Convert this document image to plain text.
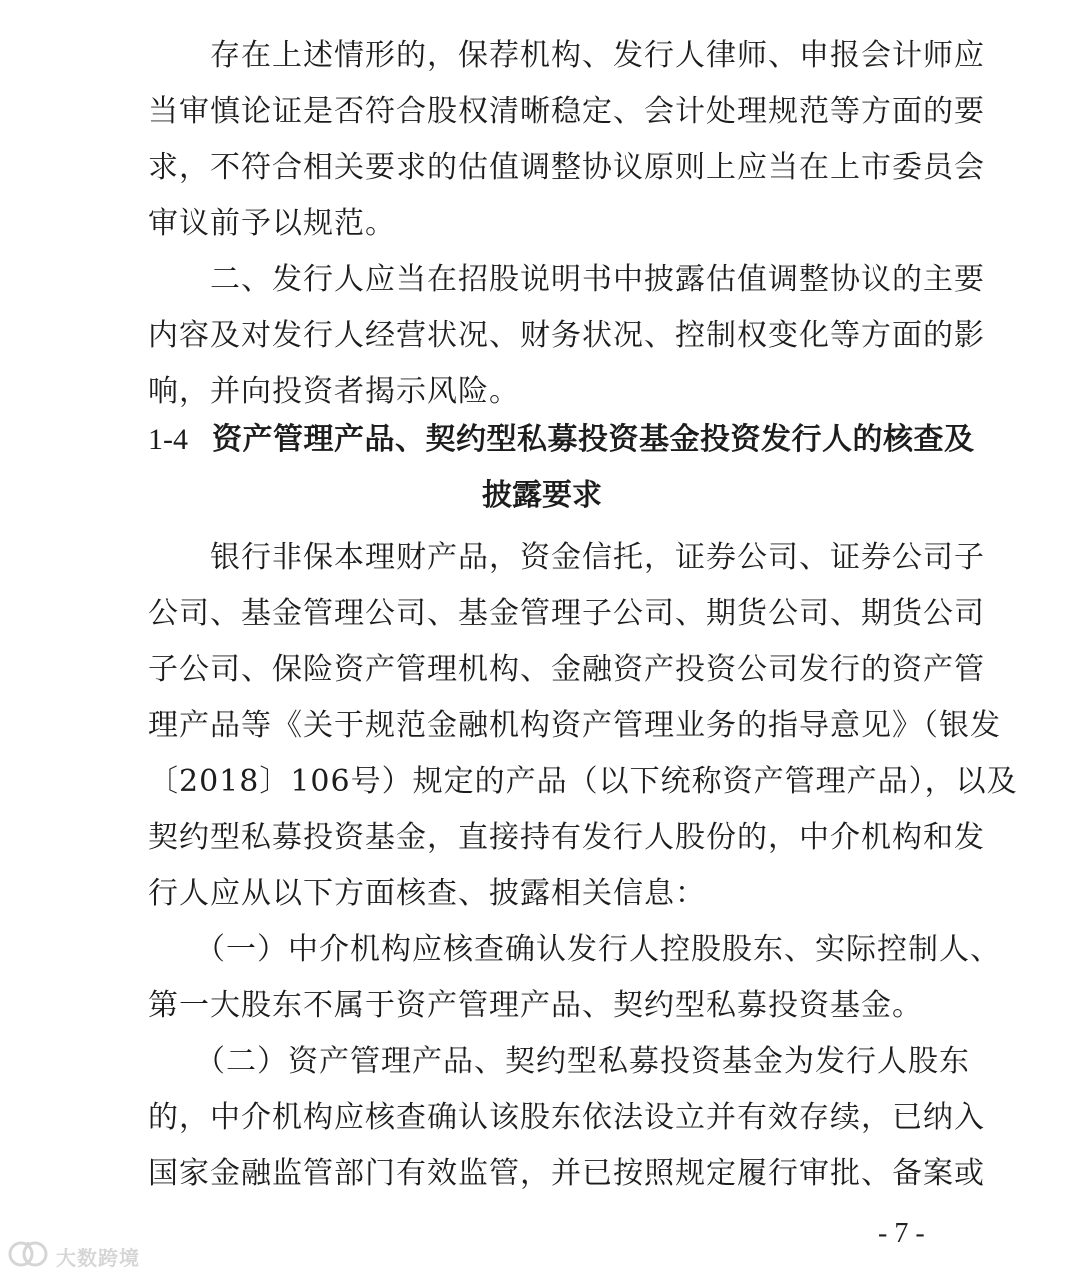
　　存在上述情形的，保荐机构、发行人律师、申报会计师应
当审慎论证是否符合股权清晰稳定、会计处理规范等方面的要
求，不符合相关要求的估值调整协议原则上应当在上市委员会
审议前予以规范。
　　二、发行人应当在招股说明书中披露估值调整协议的主要
内容及对发行人经营状况、财务状况、控制权变化等方面的影
响，并向投资者揭示风险。
1-4 资产管理产品、契约型私募投资基金投资发行人的核查及
披露要求
　　银行非保本理财产品，资金信托，证券公司、证券公司子
公司、基金管理公司、基金管理子公司、期货公司、期货公司
子公司、保险资产管理机构、金融资产投资公司发行的资产管
理产品等《关于规范金融机构资产管理业务的指导意见》（银发
〔2018〕106号）规定的产品（以下统称资产管理产品），以及
契约型私募投资基金，直接持有发行人股份的，中介机构和发
行人应从以下方面核查、披露相关信息：
　　（一）中介机构应核查确认发行人控股股东、实际控制人、
第一大股东不属于资产管理产品、契约型私募投资基金。
　　（二）资产管理产品、契约型私募投资基金为发行人股东
的，中介机构应核查确认该股东依法设立并有效存续，已纳入
国家金融监管部门有效监管，并已按照规定履行审批、备案或
- 7 -
大数跨境
